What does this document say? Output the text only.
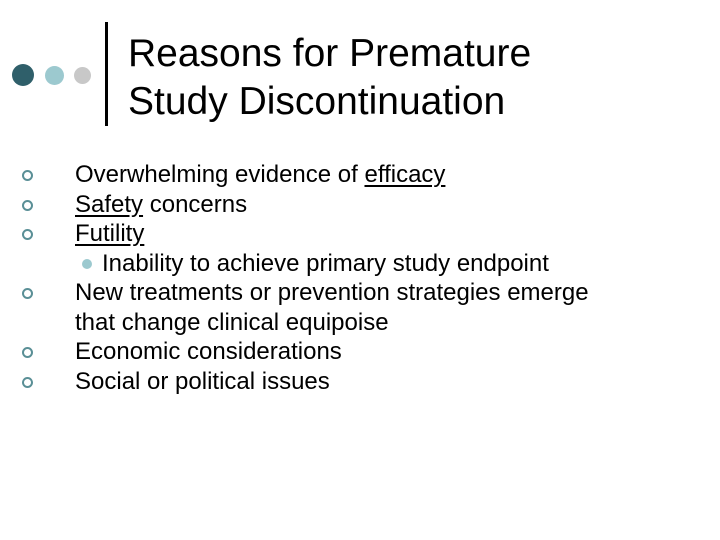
Reasons for Premature
Study Discontinuation
Overwhelming evidence of efficacy
Safety concerns
Futility
Inability to achieve primary study endpoint
New treatments or prevention strategies emerge
that change clinical equipoise
Economic considerations
Social or political issues
